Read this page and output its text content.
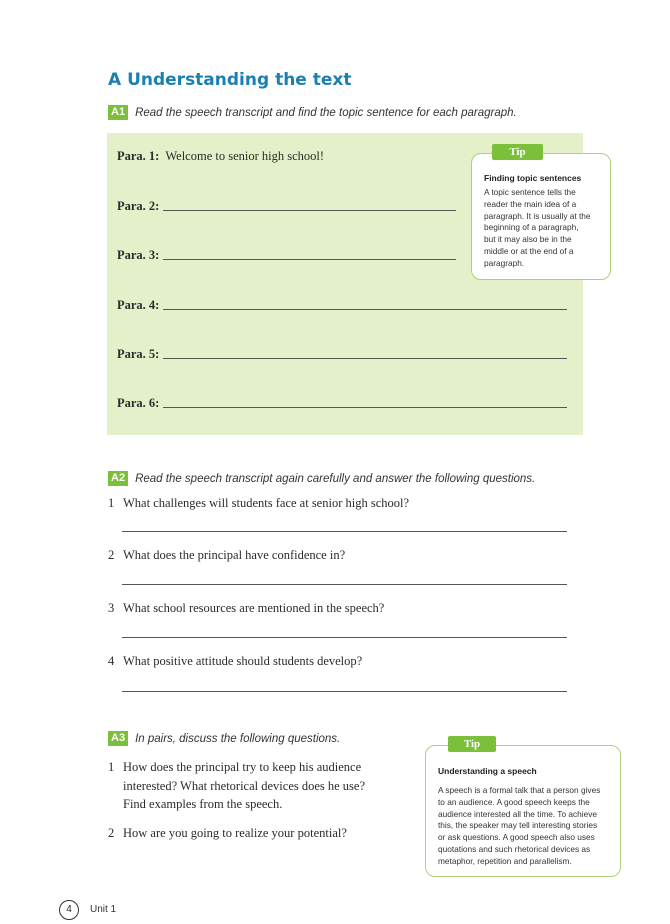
A Understanding the text
A1 Read the speech transcript and find the topic sentence for each paragraph.
Para. 1: Welcome to senior high school!
Para. 2:
Para. 3:
Para. 4:
Para. 5:
Para. 6:
Tip
Finding topic sentences
A topic sentence tells the
reader the main idea of a
paragraph. It is usually at the
beginning of a paragraph,
but it may also be in the
middle or at the end of a
paragraph.
A2 Read the speech transcript again carefully and answer the following questions.
1 What challenges will students face at senior high school?
2 What does the principal have confidence in?
3 What school resources are mentioned in the speech?
4 What positive attitude should students develop?
A3 In pairs, discuss the following questions.
1 How does the principal try to keep his audience
interested? What rhetorical devices does he use?
Find examples from the speech.
2 How are you going to realize your potential?
Tip
Understanding a speech
A speech is a formal talk that a person gives
to an audience. A good speech keeps the
audience interested all the time. To achieve
this, the speaker may tell interesting stories
or ask questions. A good speech also uses
quotations and such rhetorical devices as
metaphor, repetition and parallelism.
4	Unit 1
